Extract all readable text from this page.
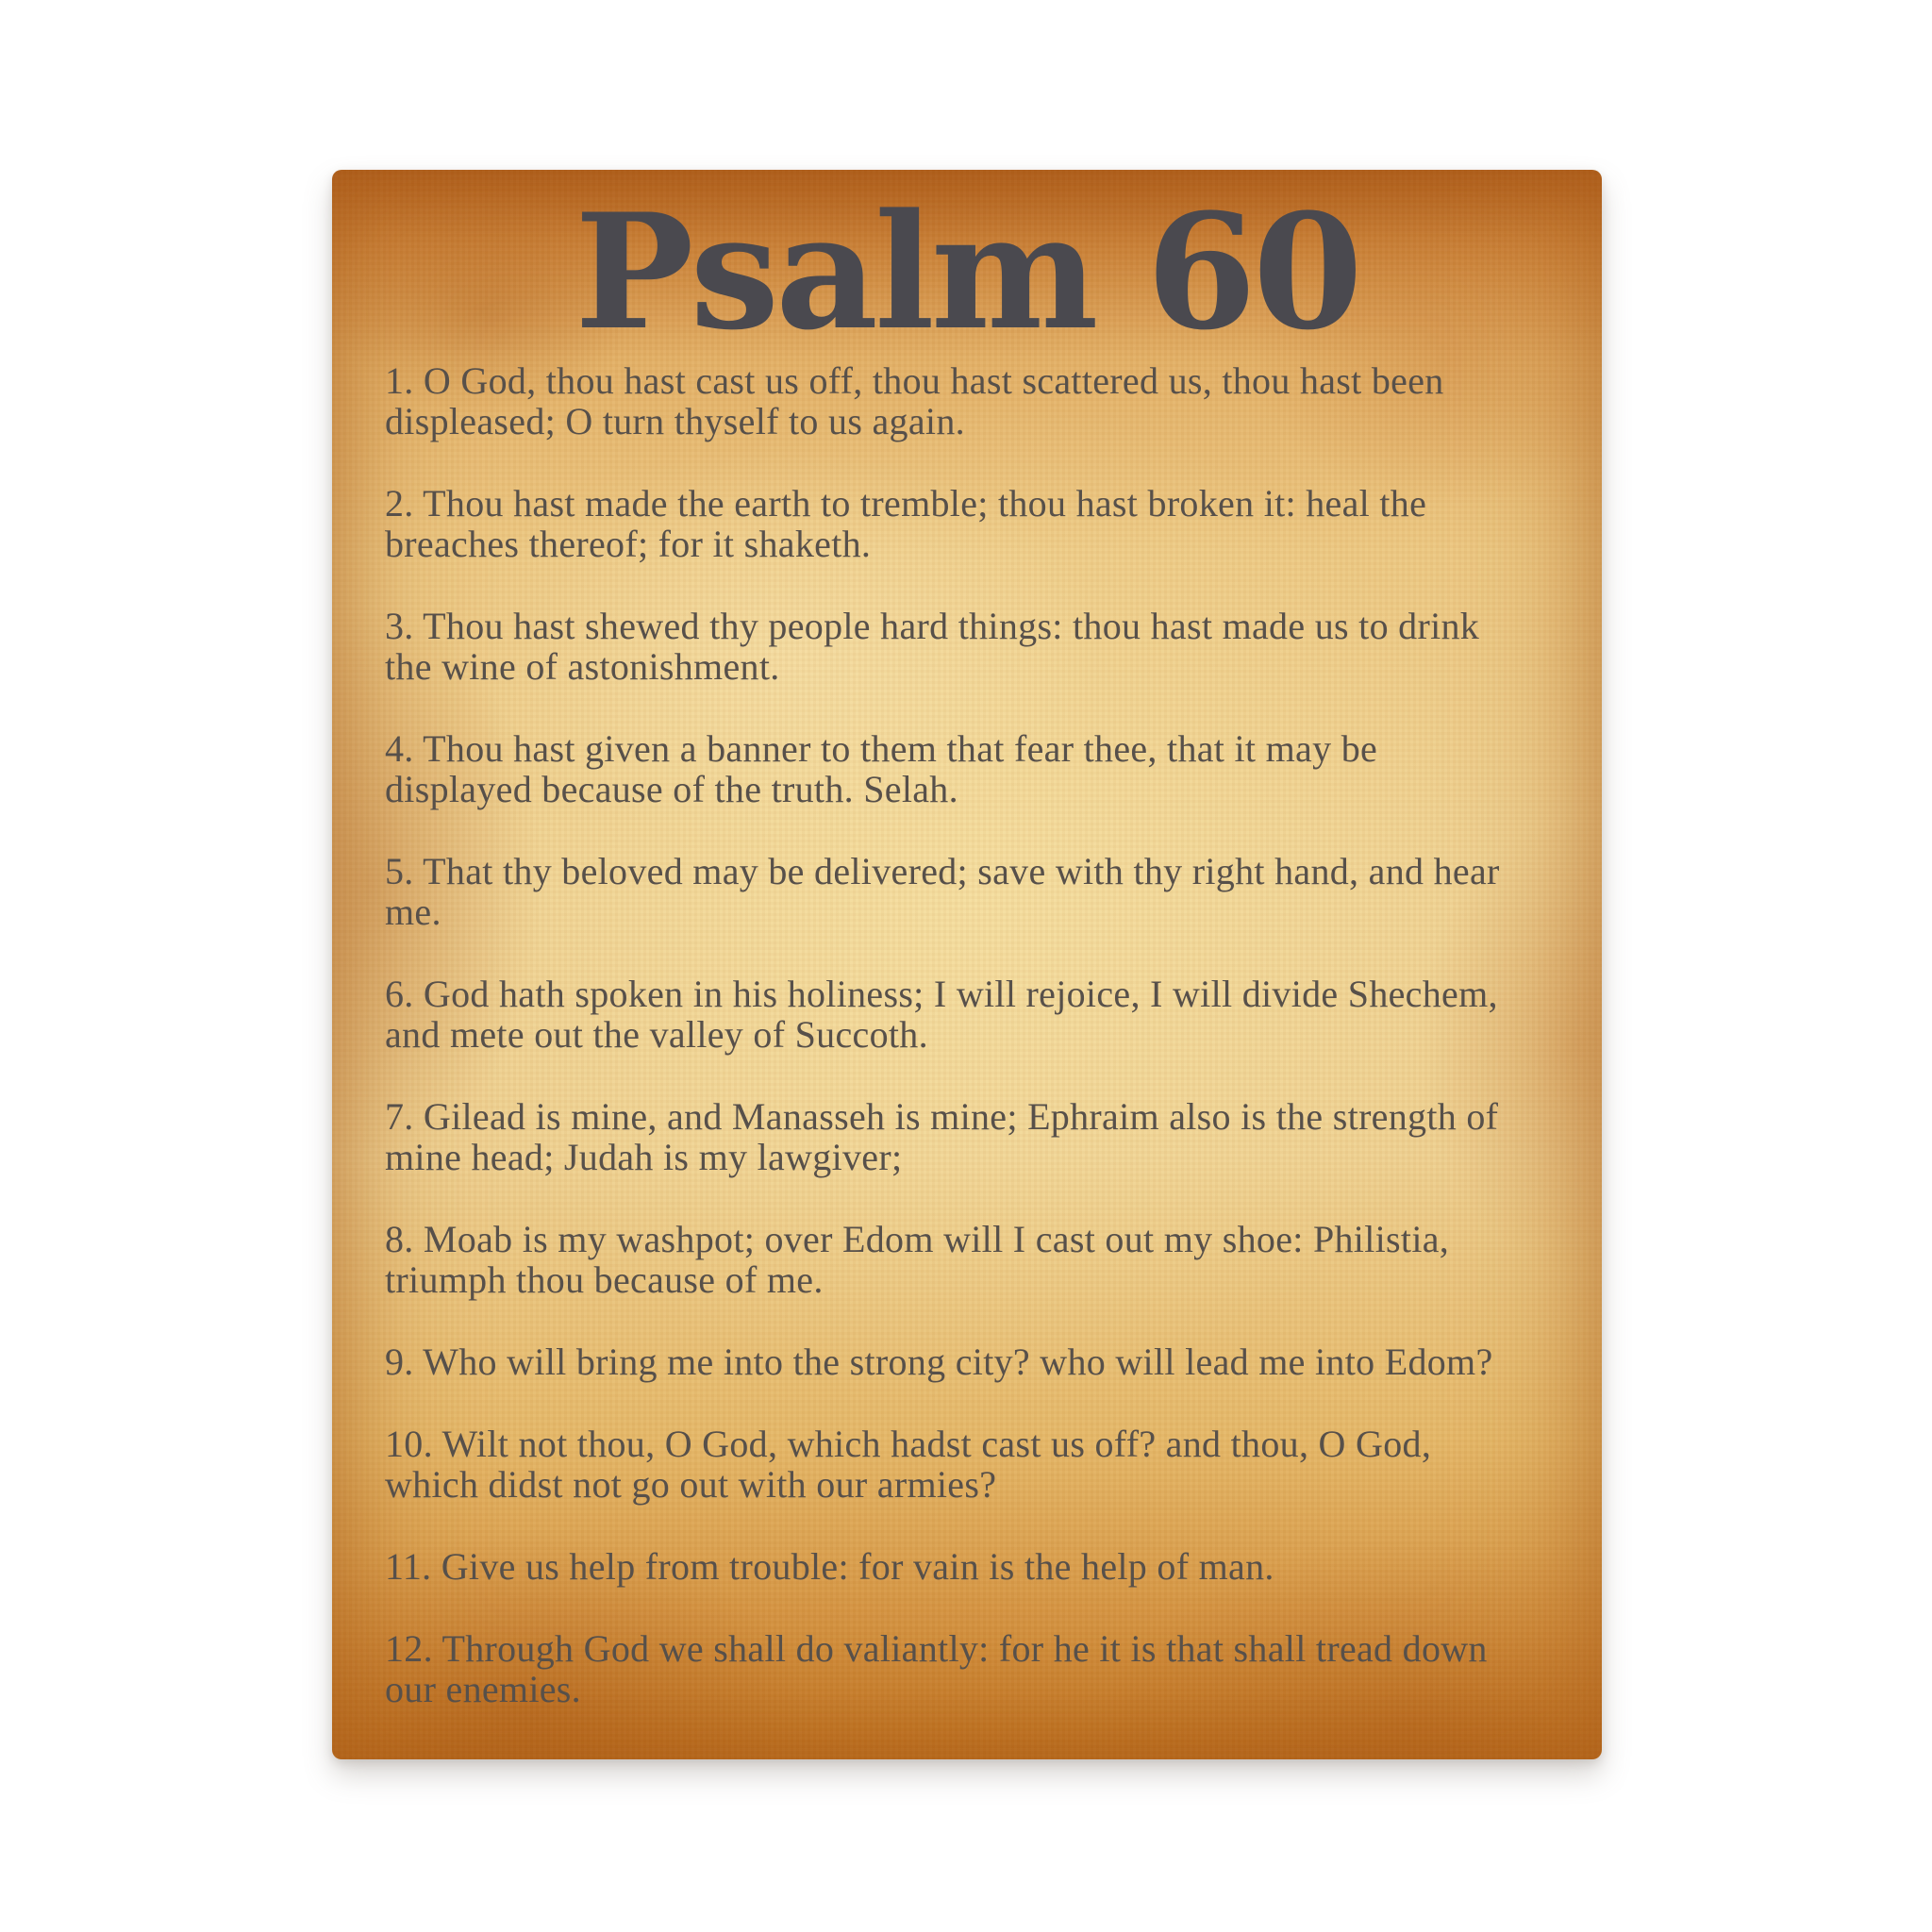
Psalm 60

1. O God, thou hast cast us off, thou hast scattered us, thou hast been
displeased; O turn thyself to us again.

2. Thou hast made the earth to tremble; thou hast broken it: heal the
breaches thereof; for it shaketh.

3. Thou hast shewed thy people hard things: thou hast made us to drink
the wine of astonishment.

4. Thou hast given a banner to them that fear thee, that it may be
displayed because of the truth. Selah.

5. That thy beloved may be delivered; save with thy right hand, and hear
me.

6. God hath spoken in his holiness; I will rejoice, I will divide Shechem,
and mete out the valley of Succoth.

7. Gilead is mine, and Manasseh is mine; Ephraim also is the strength of
mine head; Judah is my lawgiver;

8. Moab is my washpot; over Edom will I cast out my shoe: Philistia,
triumph thou because of me.

9. Who will bring me into the strong city? who will lead me into Edom?

10. Wilt not thou, O God, which hadst cast us off? and thou, O God,
which didst not go out with our armies?

11. Give us help from trouble: for vain is the help of man.

12. Through God we shall do valiantly: for he it is that shall tread down
our enemies.
